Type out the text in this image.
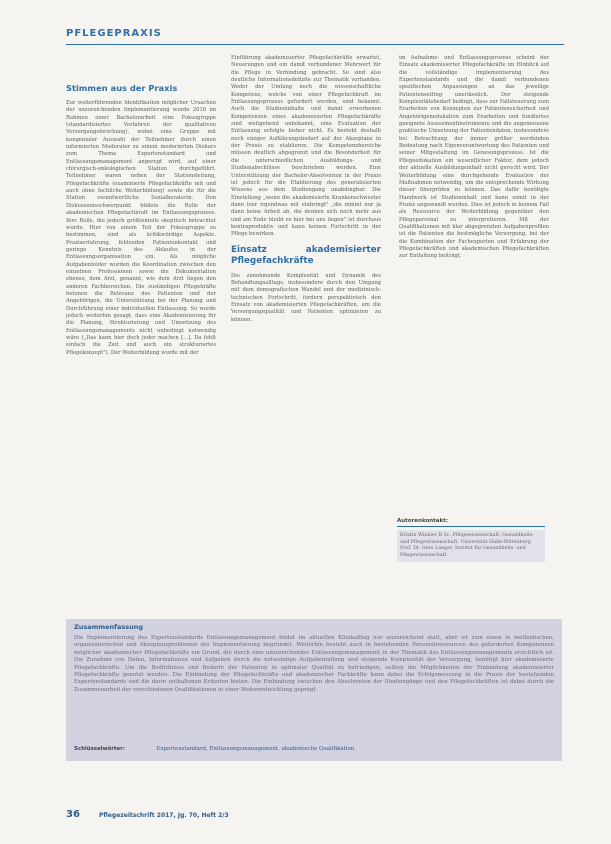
PFLEGEPRAXIS
Stimmen aus der Praxis

Zur weiterführenden Identifikation möglicher Ursachen der unzureichenden Implementierung wurde 2016 im Rahmen einer Bachelorarbeit eine Fokusgruppe (standardisiertes Verfahren der qualitativen Versorgungsforschung), wobei eine Gruppe mit kongenialer Auswahl der Teilnehmer durch einen informierten Moderator zu einem moderierten Diskurs zum Thema Expertenstandard und Entlassungsmanagement angeregt wird, auf einer chirurgisch-onkologischen Station durchgeführt. Teilnehmer waren neben der Stationsleitung, Pflegefachkräfte (examinierte Pflegefachkräfte mit und auch ohne fachliche Weiterbildung) sowie die für die Station verantwortliche Sozialberaterin. Den Diskussionsschwerpunkt bildete die Rolle der akademischen Pflegefachkraft im Entlassungsprozess. Ihre Rolle, die jedoch größtenteils skeptisch betrachtet wurde. Hier von einem Teil der Fokusgruppe zu bestimmen, sind als kritikwürdige Aspekte. Praxiserfahrung, fehlenden Patientenkontakt und geringe Kenntnis des Ablaufes in der Entlassungsorganisation ein. Als mögliche Aufgabenfelder wurden die Koordination zwischen den einzelnen Professionen sowie die Dokumentation ebenso, dem Arzt, genannt, wie dem Arzt liegen den anderen Fachbereichen. Die zuständigen Pflegekräfte betonen die Relevanz des Patienten und der Angehörigen, die Unterstützung bei der Planung und Durchführung einer individuellen Entlassung. So wurde jedoch weiterhin gesagt, dass eine Akademisierung für die Planung, Strukturierung und Umsetzung des Entlassungsmanagements nicht unbedingt notwendig wäre („Das kann hier doch jeder machen [...]. Da fehlt einfach die Zeit und auch ein strukturiertes Pflegekonzept"). Der Weiterbildung wurde mit der

Einführung akademisierter Pflegefachkräfte erwartet, Neuerungen und ein damit verbundener Mehrwert für die Pflege in Verbindung gebracht. So sind also deutliche Informationsdefizite zur Thematik vorhanden. Weder der Umfang noch die wissenschaftliche Kompetenz, welche von einer Pflegefachkraft im Entlassungsprozess gefordert werden, sind bekannt. Auch die Studieninhalte und damit erworbenen Kompetenzen eines akademisierten Pflegefachkräfte sind weitgehend unbekannt, eine Evaluation der Entlassung erfolgte bisher nicht. Es besteht deshalb noch einiger Aufklärungsbedarf auf der Akzeptanz in der Praxis zu etablieren. Die Kompetenzbereiche müssen deutlich abgegrenzt und die Besonderheit für die unterschiedlichen Ausbildungs- und Studienabschlüsse beschrieben werden. Eine Unterstützung der Bachelor-Absolventen in der Praxis ist jedoch für die Etablierung des generalisierten Wissens aus dem Studiengang unabdingbar. Die Einstellung „wenn die akademisierte Krankenschwester dann hier irgendwas mit einbringt" „die nimmt nur ja dann keine Arbeit ab, die denken sich noch mehr aus und am Ende bleibt es hier bei uns liegen" ist durchaus kontraproduktiv und kann keinen Fortschritt in der Pflege bewirken.

Einsatz akademisierter Pflegefachkräfte

Die zunehmende Komplexität und Dynamik des Behandlungsalltags, insbesondere durch den Umgang mit dem demografischen Wandel und der medizinisch-technischen Fortschritt, fordern perspektivisch den Einsatz von akademisierten Pflegefachkräften, um die Versorgungsqualität und Patienten optimieren zu können.

im Aufnahme- und Entlassungsprozess scheint der Einsatz akademisierter Pflegefachkräfte im Hinblick auf die vollständige Implementierung des Expertenstandards und die damit verbundenen spezifischen Anpassungen an das jeweilige Patientensetting unerlässlich. Der steigende Komplexitätsbedarf bedingt, dass zur Fallsteuerung zum Erarbeiten von Konzepten zur Patientensicherheit und Angehörigenedukation zum Erarbeiten und fundiertes geeignete Assessmentinstrumente und die angemessene praktische Umsetzung der Patientendaten, insbesondere bei Betrachtung der immer größer werdenden Bedeutung nach Eigenverantwortung des Patienten und seiner Mitgestaltung im Genesungsprozess. Ist die Pflegeedukation ein wesentlicher Faktor, dem jedoch der aktuelle Ausbildungsinhalt nicht gerecht wird. Der Weiterbildung eine durchgehende Evaluation der Maßnahmen notwendig, um die entsprechende Wirkung dieser überprüfen zu können. Das dafür benötigte Handwerk ist Studieninhalt und kann somit in der Praxis angewandt werden. Dies ist jedoch in keinem Fall als Ressource der Weiterbildung gegenüber den Pflegepersonal zu interpretieren. Mit der Qualifikationen mit klar abgegrenzten Aufgabenprofilen ist die Patienten die bestmögliche Versorgung, bei der die Kombination der Fachexperten und Erfahrung der Pflegefachkräften und akademischen Pflegefachkräften zur Entfaltung beiträgt.

Autorenkontakt:
Kristin Winkler B.Sc. Pflegewissenschaft, Gesundheits- und Pflegewissenschaft, Universität Halle-Wittenberg
Prof. Dr. Gero Langer, Institut für Gesundheits- und Pflegewissenschaft
Zusammenfassung
Die Implementierung des Expertenstandards Entlassungsmanagement findet im aktuellen Klinikalltag nur unzureichend statt, aber ist zum einen in methodischen, organisatorischen und Akzeptanzproblemen der Implementierung begründet. Weiterhin besteht auch in bestehenden Personalressourcen des geforderten Kompetenzen möglicher akademischer Pflegefachkräfte ein Grund, die durch eine unzureichendes Entlassungsmanagement in der Thematik des Entlassungsmanagements ersichtlich ist. Die Zunahme von Daten, Informationen und Aufgaben durch die notwendige Aufgabenteilung und steigende Komplexität der Versorgung, benötigt hier akademisierte Pflegefachkräfte. Um die Bedürfnisse und Bedarfe der Patienten in optimaler Qualität zu befriedigen, sollten die Möglichkeiten der Einbindung akademisierter Pflegefachkräfte genutzt werden. Die Einbindung der Pflegefachkräfte und akademischer Fachkräfte kann dabei die Erfolgsmessung in die Praxis der bestehenden Expertenstandards und die darin enthaltenen Kriterien bieten. Die Einbindung zwischen den Absolventen der Studiengänge und den Pflegefachkräften ist dabei durch die Zusammenarbeit der verschiedenen Qualifikationen in einer Weiterentwicklung geprägt.
Schlüsselwörter:	Expertenstandard, Entlassungsmanagement, akademische Qualifikation
36	Pflegezeitschrift 2017, Jg. 70, Heft 2/3
